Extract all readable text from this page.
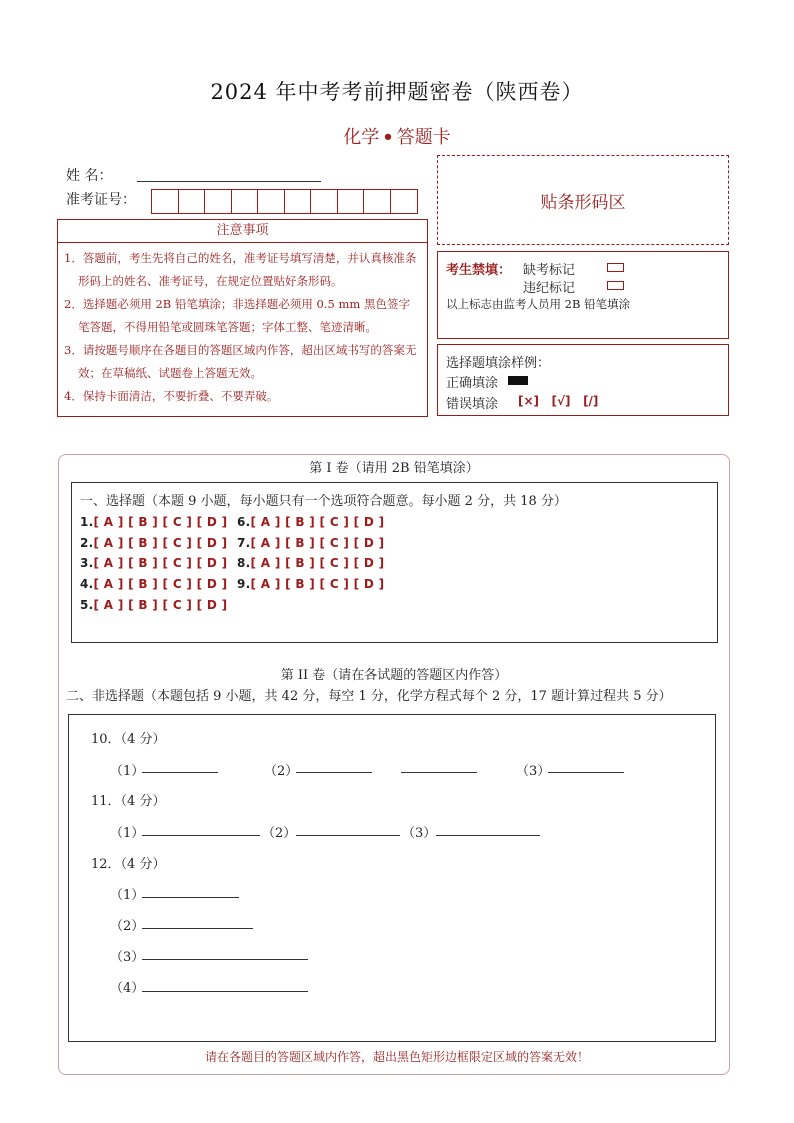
2024 年中考考前押题密卷（陕西卷）
化学 • 答题卡
姓 名：
准考证号：	贴条形码区
注意事项
1．答题前，考生先将自己的姓名，准考证号填写清楚，并认真核准条形码上的姓名、准考证号，在规定位置贴好条形码。
2．选择题必须用 2B 铅笔填涂；非选择题必须用 0.5 mm 黑色签字笔答题，不得用铅笔或圆珠笔答题；字体工整、笔迹清晰。
3．请按题号顺序在各题目的答题区域内作答，超出区域书写的答案无效；在草稿纸、试题卷上答题无效。
4．保持卡面清洁，不要折叠、不要弄破。
考生禁填： 缺考标记
违纪标记
以上标志由监考人员用 2B 铅笔填涂
选择题填涂样例：
正确填涂
错误填涂 [×]   [√]   [/]
第 I 卷（请用 2B 铅笔填涂）
一、选择题（本题 9 小题，每小题只有一个选项符合题意。每小题 2 分，共 18 分）
1.[ A ] [ B ] [ C ] [ D ] 6.[ A ] [ B ] [ C ] [ D ]
2.[ A ] [ B ] [ C ] [ D ] 7.[ A ] [ B ] [ C ] [ D ]
3.[ A ] [ B ] [ C ] [ D ] 8.[ A ] [ B ] [ C ] [ D ]
4.[ A ] [ B ] [ C ] [ D ] 9.[ A ] [ B ] [ C ] [ D ]
5.[ A ] [ B ] [ C ] [ D ]
第 II 卷（请在各试题的答题区内作答）
二、非选择题（本题包括 9 小题，共 42 分，每空 1 分，化学方程式每个 2 分，17 题计算过程共 5 分）
10．（4 分）
（1）	（2）	（3）
11．（4 分）
（1）	（2）	（3）
12．（4 分）
（1）
（2）
（3）
（4）
请在各题目的答题区域内作答，超出黑色矩形边框限定区域的答案无效！
